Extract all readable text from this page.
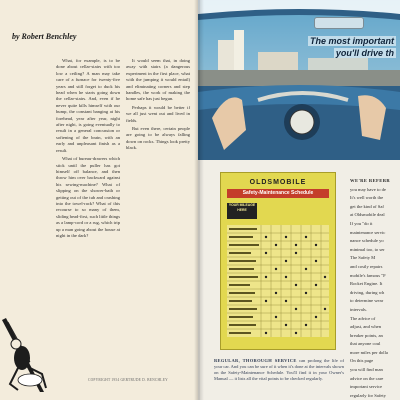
by Robert Benchley

What, for example, is to be done about cellar-stairs with too low a ceiling? A man may take care of a furnace for twenty-five years and still forget to duck his head when he starts going down the cellar-stairs. And, even if he never quite kills himself with our bump, the constant banging at his forehead, year after year, night after night, is going eventually to result in a general concussion or softening of the brain, with an early and unpleasant finish as a result.

What of bureau-drawers which stick until the puller has got himself off balance, and then throw him over backward against his sewing-machine? What of slipping on the shower-bath or getting out of the tub and crashing into the towel-rack? What of this recourse to so many of them, sliding head-first, such little things as a lamp-cord or a rug, which trip up a man going about the house at night in the dark?

It would seem that, in doing away with stairs (a dangerous experiment in the first place, what with the jumping it would entail) and eliminating corners and step handles, the work of making the home safe has just begun.

Perhaps it would be better if we all just went out and lived in fields.

But even there, certain people are going to be always falling down on rocks. Things look pretty black.

COPYRIGHT 1954 GERTRUDE D. BENCHLEY
The most important
you'll drive th
OLDSMOBILE
Safety-Maintenance Schedule
YOUR MILEAGE HERE
REGULAR, THOROUGH SERVICE can prolong the life of your car. And you can be sure of it when it's done at the intervals shown on the Safety-Maintenance Schedule. You'll find it in your Owner's Manual — it lists all the vital points to be checked regularly.

WE'RE REFERR

you may have to de

It's well worth the

get the kind of Saf

at Oldsmobile deal

If you "do it

maintenance servic

nance schedule yo

minimal too, to ser

The Safety M

and costly repairs

mobile's famous "F

Rocket Engine. It

driving, during wh

to determine wear

intervals.

The advice of

adjust, and when

breaker points, an

that anyone coul

more miles per dolla

On this page

you will find man

advice on the care

important service

regularly for Safety
